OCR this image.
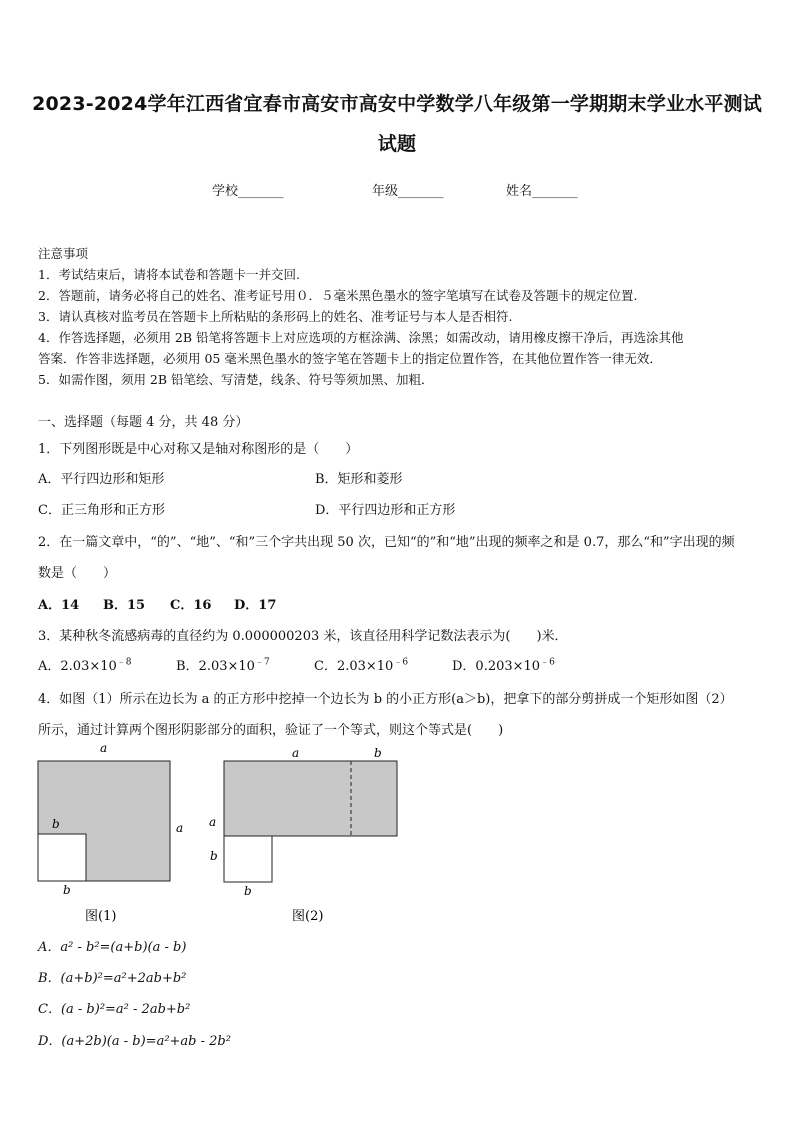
2023-2024学年江西省宜春市高安市高安中学数学八年级第一学期期末学业水平测试
试题
学校_______	年级_______	姓名_______
注意事项
1．考试结束后，请将本试卷和答题卡一并交回.
2．答题前，请务必将自己的姓名、准考证号用０．５毫米黑色墨水的签字笔填写在试卷及答题卡的规定位置.
3．请认真核对监考员在答题卡上所粘贴的条形码上的姓名、准考证号与本人是否相符.
4．作答选择题，必须用 2B 铅笔将答题卡上对应选项的方框涂满、涂黑；如需改动，请用橡皮擦干净后，再选涂其他
答案．作答非选择题，必须用 05 毫米黑色墨水的签字笔在答题卡上的指定位置作答，在其他位置作答一律无效．
5．如需作图，须用 2B 铅笔绘、写清楚，线条、符号等须加黑、加粗．
一、选择题（每题 4 分，共 48 分）
1．下列图形既是中心对称又是轴对称图形的是（　　）
A．平行四边形和矩形	B．矩形和菱形
C．正三角形和正方形	D．平行四边形和正方形
2．在一篇文章中，“的”、“地”、“和”三个字共出现 50 次，已知“的”和“地”出现的频率之和是 0.7，那么“和”字出现的频
数是（　　）
A．14 B．15 C．16 D．17
3．某种秋冬流感病毒的直径约为 0.000000203 米，该直径用科学记数法表示为(　　)米．
A．$2.03\times 10^{﹣8}$	B．$2.03\times 10^{﹣7}$	C．$2.03\times 10^{﹣6}$	D．$0.203\times 10^{﹣6}$
4．如图（1）所示在边长为 a 的正方形中挖掉一个边长为 b 的小正方形(a＞b)，把拿下的部分剪拼成一个矩形如图（2）
所示，通过计算两个图形阴影部分的面积，验证了一个等式，则这个等式是(　　)
a
a
b
b
图(1)
a	b
a
b
b
图(2)
A．a² - b²=(a+b)(a - b)
B．(a+b)²=a²+2ab+b²
C．(a - b)²=a² - 2ab+b²
D．(a+2b)(a - b)=a²+ab - 2b²
